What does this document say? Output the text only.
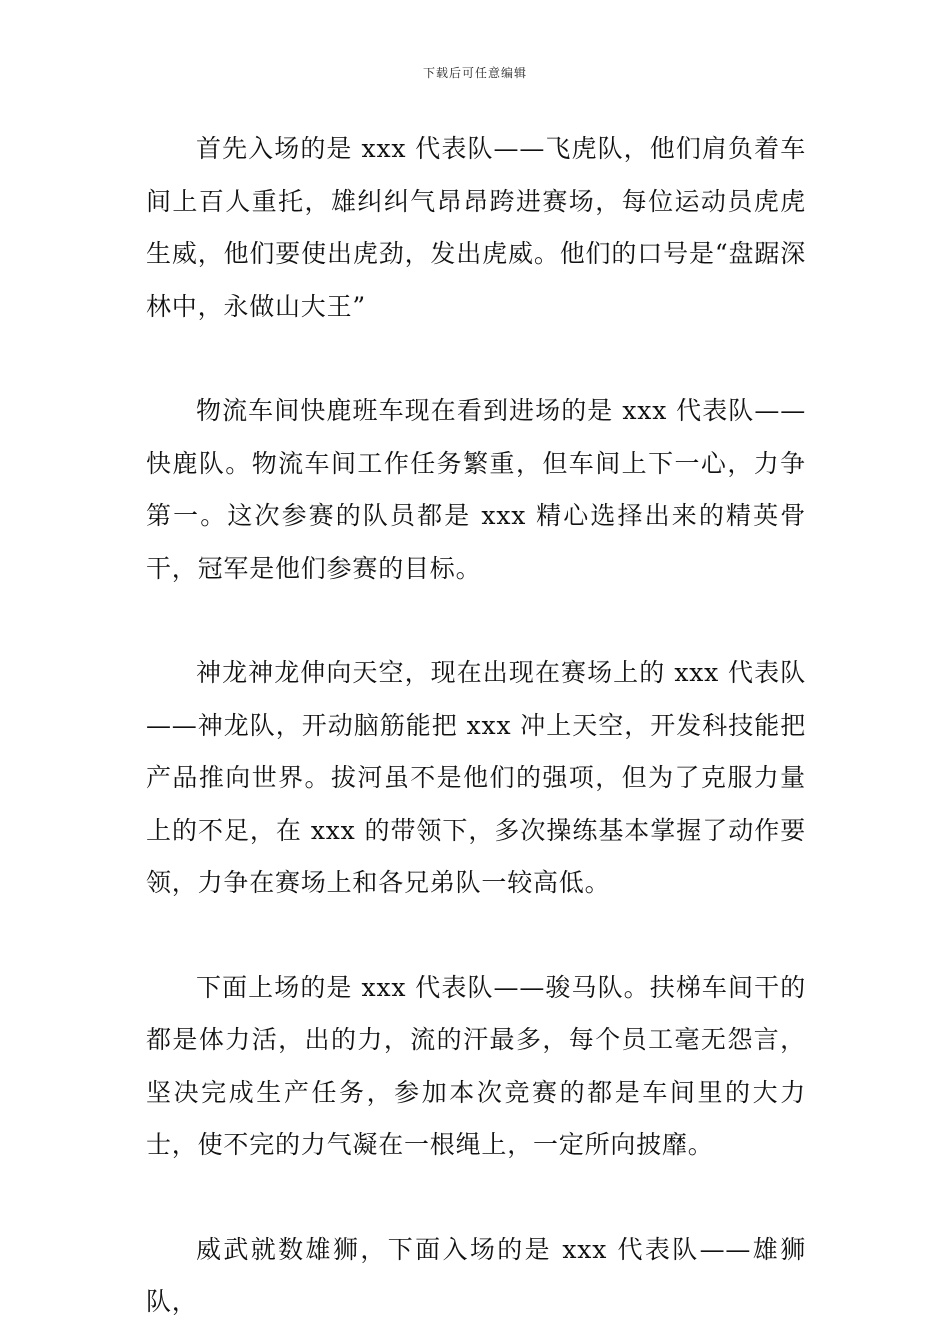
下载后可任意编辑

首先入场的是 xxx 代表队——飞虎队，他们肩负着车间上百人重托，雄纠纠气昂昂跨进赛场，每位运动员虎虎生威，他们要使出虎劲，发出虎威。他们的口号是“盘踞深林中，永做山大王”

物流车间快鹿班车现在看到进场的是 xxx 代表队——快鹿队。物流车间工作任务繁重，但车间上下一心，力争第一。这次参赛的队员都是 xxx 精心选择出来的精英骨干，冠军是他们参赛的目标。

神龙神龙伸向天空，现在出现在赛场上的 xxx 代表队——神龙队，开动脑筋能把 xxx 冲上天空，开发科技能把产品推向世界。拔河虽不是他们的强项，但为了克服力量上的不足，在 xxx 的带领下，多次操练基本掌握了动作要领，力争在赛场上和各兄弟队一较高低。

下面上场的是 xxx 代表队——骏马队。扶梯车间干的都是体力活，出的力，流的汗最多，每个员工毫无怨言，坚决完成生产任务，参加本次竞赛的都是车间里的大力士，使不完的力气凝在一根绳上，一定所向披靡。

威武就数雄狮，下面入场的是 xxx 代表队——雄狮队，
